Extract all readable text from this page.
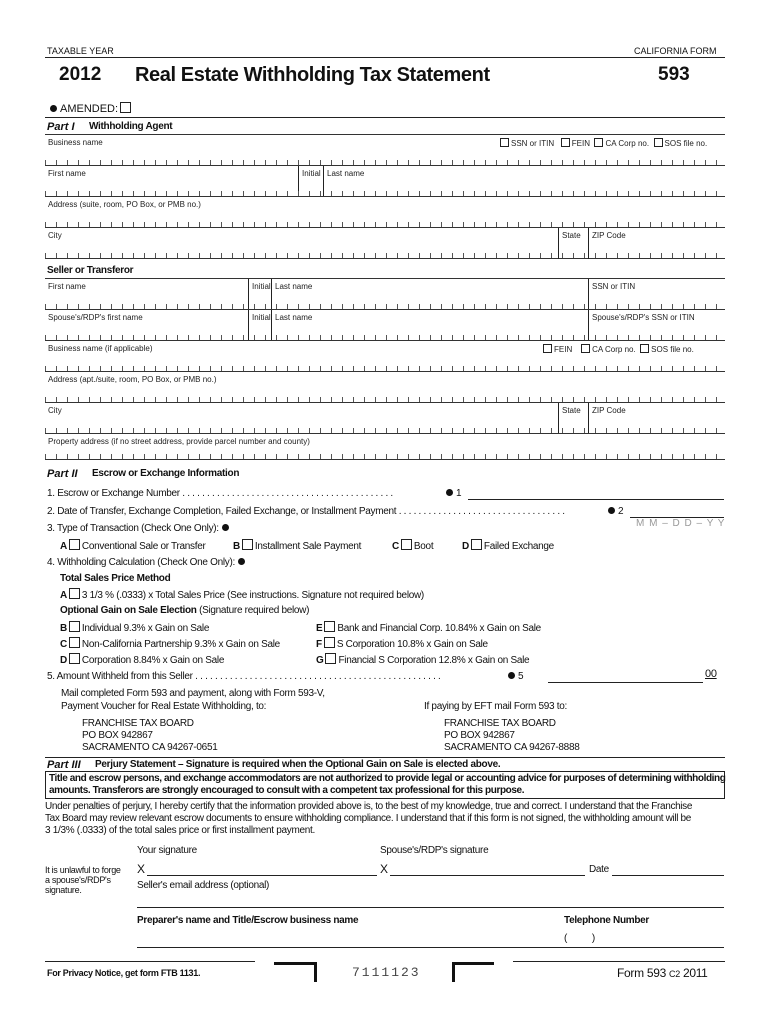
TAXABLE YEAR	CALIFORNIA FORM
2012 Real Estate Withholding Tax Statement	593
AMENDED:
Part I Withholding Agent
Business name	SSN or ITIN FEIN CA Corp no. SOS file no.
First name	Initial Last name
Address (suite, room, PO Box, or PMB no.)
City	State ZIP Code
Seller or Transferor
First name	Initial Last name	SSN or ITIN
Spouse's/RDP's first name	Initial Last name	Spouse's/RDP's SSN or ITIN
Business name (if applicable)	FEIN CA Corp no. SOS file no.
Address (apt./suite, room, PO Box, or PMB no.)
City	State ZIP Code
Property address (if no street address, provide parcel number and county)
Part II Escrow or Exchange Information
1. Escrow or Exchange Number . . . . . . . . . . . . . . . . . . . . . . . . . . . . . . . . . . . . . . . . . . .	1
2. Date of Transfer, Exchange Completion, Failed Exchange, or Installment Payment . . . . . . . . . . . . . . . . . . . . . . . . . . . . . . . . . .	2
M M – D D – Y Y
3. Type of Transaction (Check One Only):
A Conventional Sale or Transfer	B Installment Sale Payment	C Boot	D Failed Exchange
4. Withholding Calculation (Check One Only):
Total Sales Price Method
A 3 1/3 % (.0333) x Total Sales Price (See instructions. Signature not required below)
Optional Gain on Sale Election (Signature required below)
B Individual 9.3% x Gain on Sale
C Non-California Partnership 9.3% x Gain on Sale
D Corporation 8.84% x Gain on Sale
E Bank and Financial Corp. 10.84% x Gain on Sale
F S Corporation 10.8% x Gain on Sale
G Financial S Corporation 12.8% x Gain on Sale
5. Amount Withheld from this Seller . . . . . . . . . . . . . . . . . . . . . . . . . . . . . . . . . . . . . . . . . . . . . . . . . .	5	00
Mail completed Form 593 and payment, along with Form 593-V,
Payment Voucher for Real Estate Withholding, to:	If paying by EFT mail Form 593 to:
FRANCHISE TAX BOARD
PO BOX 942867
SACRAMENTO CA 94267-0651
FRANCHISE TAX BOARD
PO BOX 942867
SACRAMENTO CA 94267-8888
Part III Perjury Statement – Signature is required when the Optional Gain on Sale is elected above.
Title and escrow persons, and exchange accommodators are not authorized to provide legal or accounting advice for purposes of determining withholding
amounts. Transferors are strongly encouraged to consult with a competent tax professional for this purpose.
Under penalties of perjury, I hereby certify that the information provided above is, to the best of my knowledge, true and correct. I understand that the Franchise
Tax Board may review relevant escrow documents to ensure withholding compliance. I understand that if this form is not signed, the withholding amount will be
3 1/3% (.0333) of the total sales price or first installment payment.
Your signature	Spouse's/RDP's signature
It is unlawful to forge
a spouse's/RDP's
signature.
X	X	Date
Seller's email address (optional)
Preparer's name and Title/Escrow business name	Telephone Number
(          )
For Privacy Notice, get form FTB 1131.	7111123	Form 593 C2 2011
